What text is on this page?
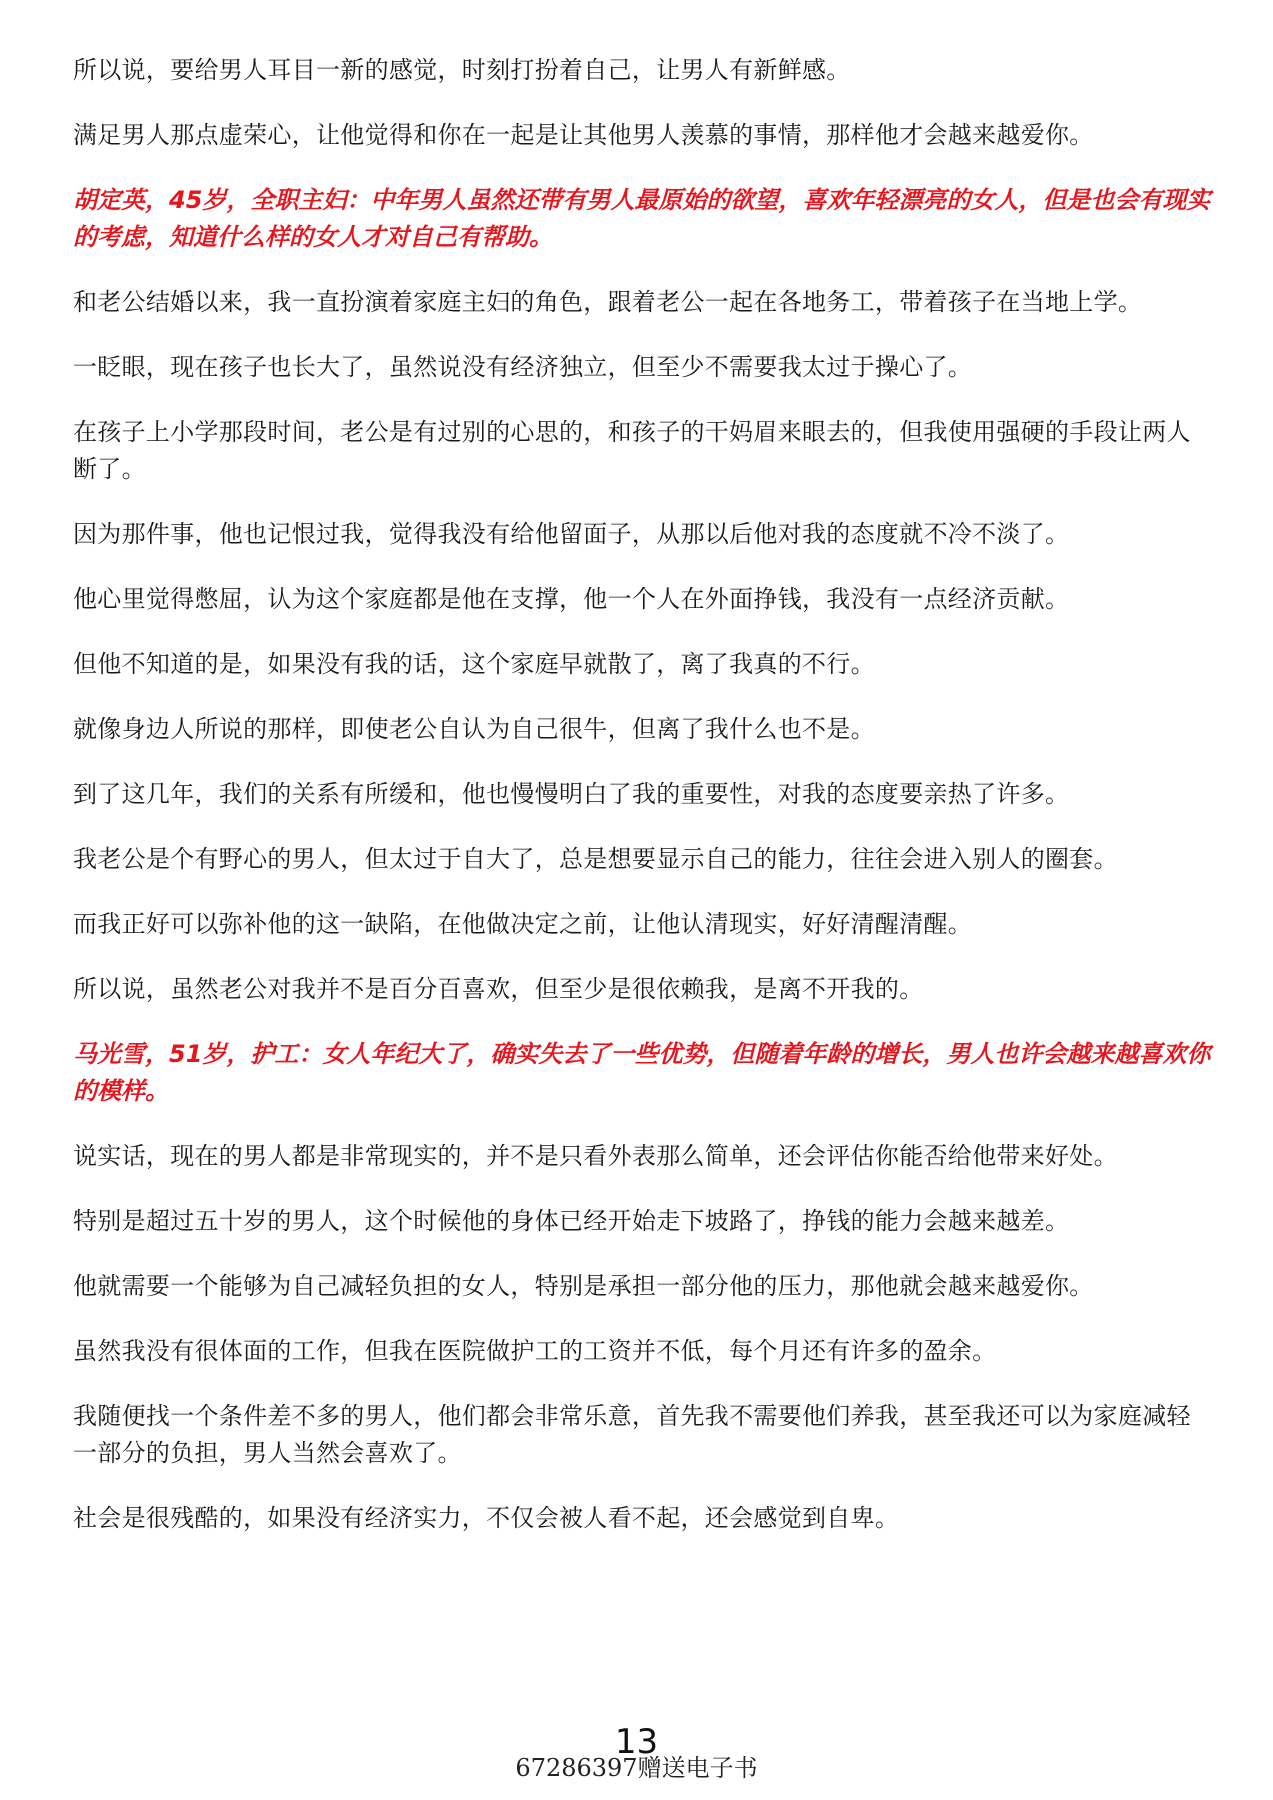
所以说，要给男人耳目一新的感觉，时刻打扮着自己，让男人有新鲜感。

满足男人那点虚荣心，让他觉得和你在一起是让其他男人羡慕的事情，那样他才会越来越爱你。

胡定英，45岁，全职主妇：中年男人虽然还带有男人最原始的欲望，喜欢年轻漂亮的女人，但是也会有现实的考虑，知道什么样的女人才对自己有帮助。

和老公结婚以来，我一直扮演着家庭主妇的角色，跟着老公一起在各地务工，带着孩子在当地上学。

一眨眼，现在孩子也长大了，虽然说没有经济独立，但至少不需要我太过于操心了。

在孩子上小学那段时间，老公是有过别的心思的，和孩子的干妈眉来眼去的，但我使用强硬的手段让两人断了。

因为那件事，他也记恨过我，觉得我没有给他留面子，从那以后他对我的态度就不冷不淡了。

他心里觉得憋屈，认为这个家庭都是他在支撑，他一个人在外面挣钱，我没有一点经济贡献。

但他不知道的是，如果没有我的话，这个家庭早就散了，离了我真的不行。

就像身边人所说的那样，即使老公自认为自己很牛，但离了我什么也不是。

到了这几年，我们的关系有所缓和，他也慢慢明白了我的重要性，对我的态度要亲热了许多。

我老公是个有野心的男人，但太过于自大了，总是想要显示自己的能力，往往会进入别人的圈套。

而我正好可以弥补他的这一缺陷，在他做决定之前，让他认清现实，好好清醒清醒。

所以说，虽然老公对我并不是百分百喜欢，但至少是很依赖我，是离不开我的。

马光雪，51岁，护工：女人年纪大了，确实失去了一些优势，但随着年龄的增长，男人也许会越来越喜欢你的模样。

说实话，现在的男人都是非常现实的，并不是只看外表那么简单，还会评估你能否给他带来好处。

特别是超过五十岁的男人，这个时候他的身体已经开始走下坡路了，挣钱的能力会越来越差。

他就需要一个能够为自己减轻负担的女人，特别是承担一部分他的压力，那他就会越来越爱你。

虽然我没有很体面的工作，但我在医院做护工的工资并不低，每个月还有许多的盈余。

我随便找一个条件差不多的男人，他们都会非常乐意，首先我不需要他们养我，甚至我还可以为家庭减轻一部分的负担，男人当然会喜欢了。

社会是很残酷的，如果没有经济实力，不仅会被人看不起，还会感觉到自卑。

13
67286397赠送电子书
